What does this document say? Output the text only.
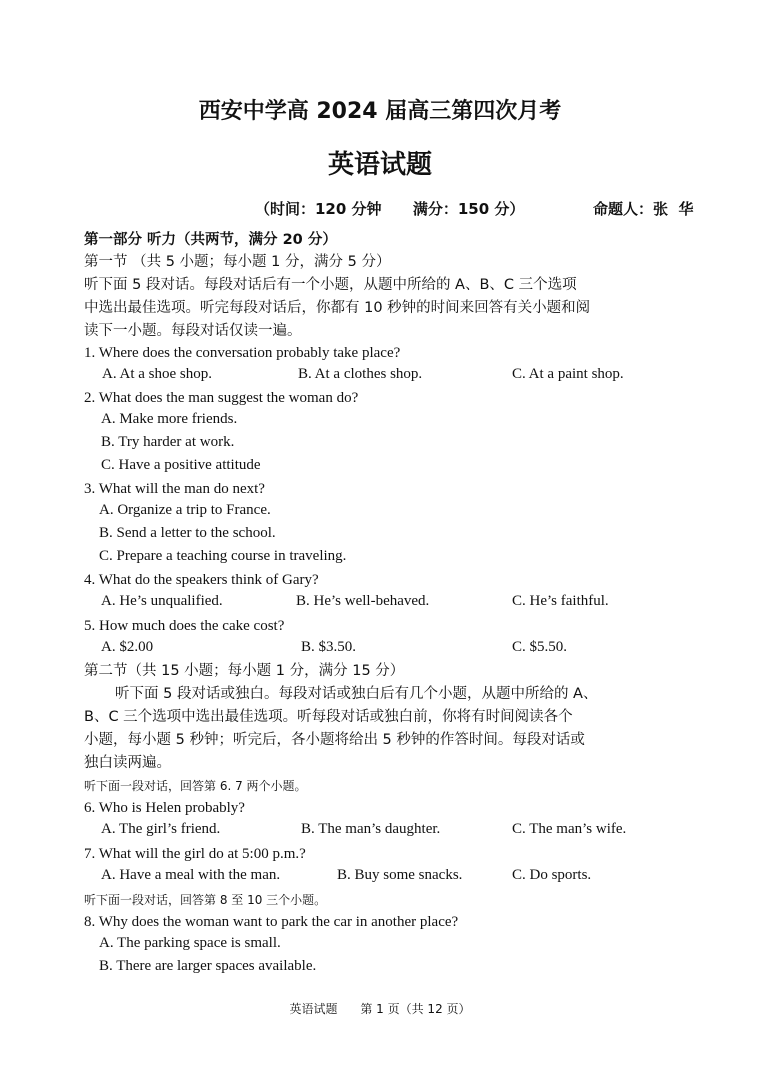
西安中学高 2024 届高三第四次月考
英语试题
（时间：120 分钟      满分：150 分）	命题人：张  华
第一部分 听力（共两节，满分 20 分）
第一节 （共 5 小题；每小题 1 分，满分 5 分）
听下面 5 段对话。每段对话后有一个小题，从题中所给的 A、B、C 三个选项
中选出最佳选项。听完每段对话后，你都有 10 秒钟的时间来回答有关小题和阅
读下一小题。每段对话仅读一遍。
1. Where does the conversation probably take place?
A. At a shoe shop.	B. At a clothes shop.	C. At a paint shop.
2. What does the man suggest the woman do?
A. Make more friends.
B. Try harder at work.
C. Have a positive attitude
3. What will the man do next?
A. Organize a trip to France.
B. Send a letter to the school.
C. Prepare a teaching course in traveling.
4. What do the speakers think of Gary?
A. He’s unqualified.	B. He’s well-behaved.	C. He’s faithful.
5. How much does the cake cost?
A. $2.00	B. $3.50.	C. $5.50.
第二节（共 15 小题；每小题 1 分，满分 15 分）
听下面 5 段对话或独白。每段对话或独白后有几个小题，从题中所给的 A、
B、C 三个选项中选出最佳选项。听每段对话或独白前，你将有时间阅读各个
小题，每小题 5 秒钟；听完后，各小题将给出 5 秒钟的作答时间。每段对话或
独白读两遍。
听下面一段对话，回答第 6. 7 两个小题。
6. Who is Helen probably?
A. The girl’s friend.	B. The man’s daughter.	C. The man’s wife.
7. What will the girl do at 5:00 p.m.?
A. Have a meal with the man.	B. Buy some snacks.	C. Do sports.
听下面一段对话，回答第 8 至 10 三个小题。
8. Why does the woman want to park the car in another place?
A. The parking space is small.
B. There are larger spaces available.
英语试题      第 1 页（共 12 页）
